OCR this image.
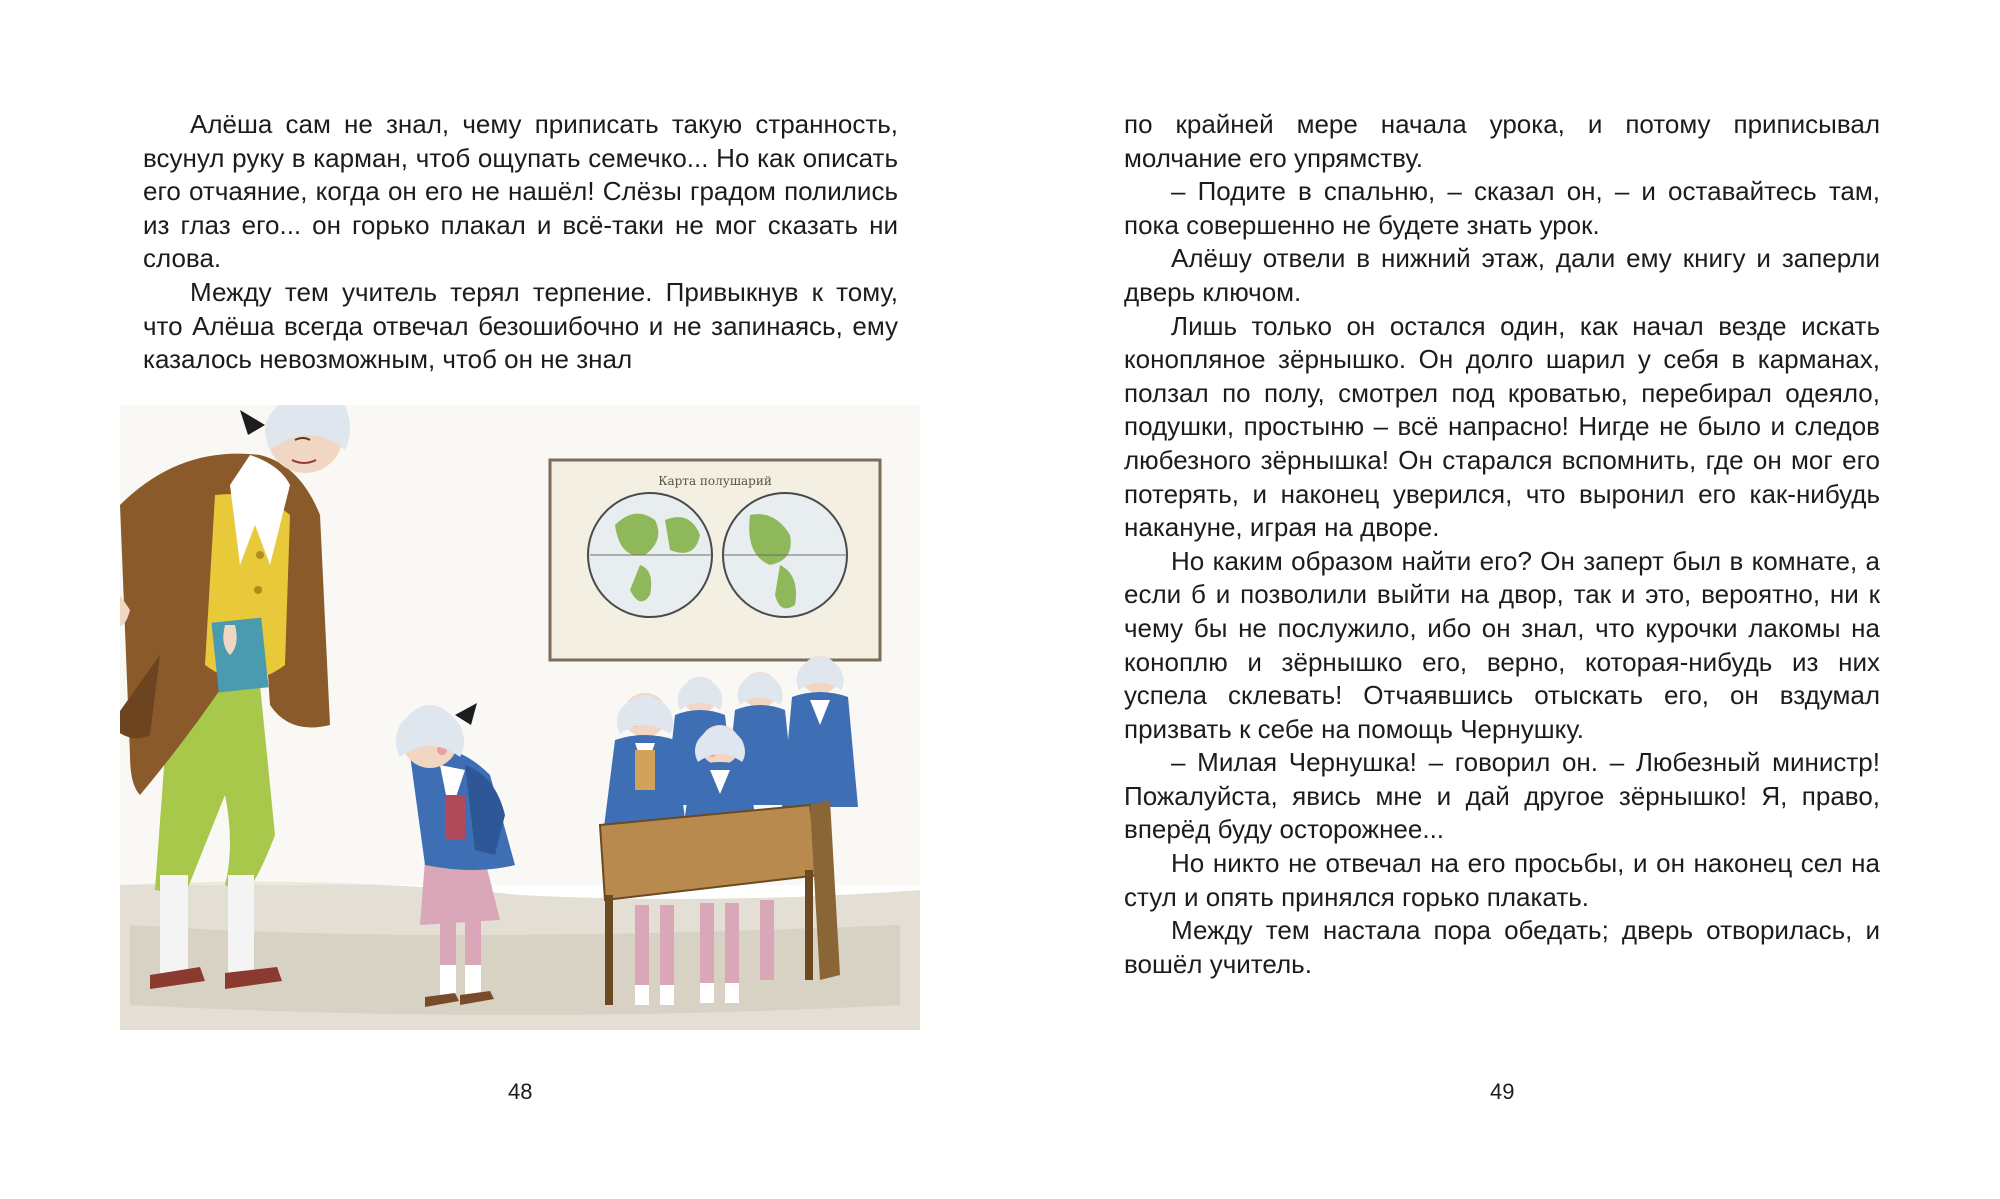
Алёша сам не знал, чему приписать такую странность, всунул руку в карман, чтоб ощупать семечко... Но как описать его отчаяние, когда он его не нашёл! Слёзы градом полились из глаз его... он горько плакал и всё-таки не мог сказать ни слова.

Между тем учитель терял терпение. Привыкнув к тому, что Алёша всегда отвечал безошибочно и не запинаясь, ему казалось невозможным, чтоб он не знал

Карта полушарий
48

по крайней мере начала урока, и потому приписывал молчание его упрямству.

– Подите в спальню, – сказал он, – и оставайтесь там, пока совершенно не будете знать урок.

Алёшу отвели в нижний этаж, дали ему книгу и заперли дверь ключом.

Лишь только он остался один, как начал везде искать конопляное зёрнышко. Он долго шарил у себя в карманах, ползал по полу, смотрел под кроватью, перебирал одеяло, подушки, простыню – всё напрасно! Нигде не было и следов любезного зёрнышка! Он старался вспомнить, где он мог его потерять, и наконец уверился, что выронил его как-нибудь накануне, играя на дворе.

Но каким образом найти его? Он заперт был в комнате, а если б и позволили выйти на двор, так и это, вероятно, ни к чему бы не послужило, ибо он знал, что курочки лакомы на коноплю и зёрнышко его, верно, которая-нибудь из них успела склевать! Отчаявшись отыскать его, он вздумал призвать к себе на помощь Чернушку.

– Милая Чернушка! – говорил он. – Любезный министр! Пожалуйста, явись мне и дай другое зёрнышко! Я, право, вперёд буду осторожнее...

Но никто не отвечал на его просьбы, и он наконец сел на стул и опять принялся горько плакать.

Между тем настала пора обедать; дверь отворилась, и вошёл учитель.

49
